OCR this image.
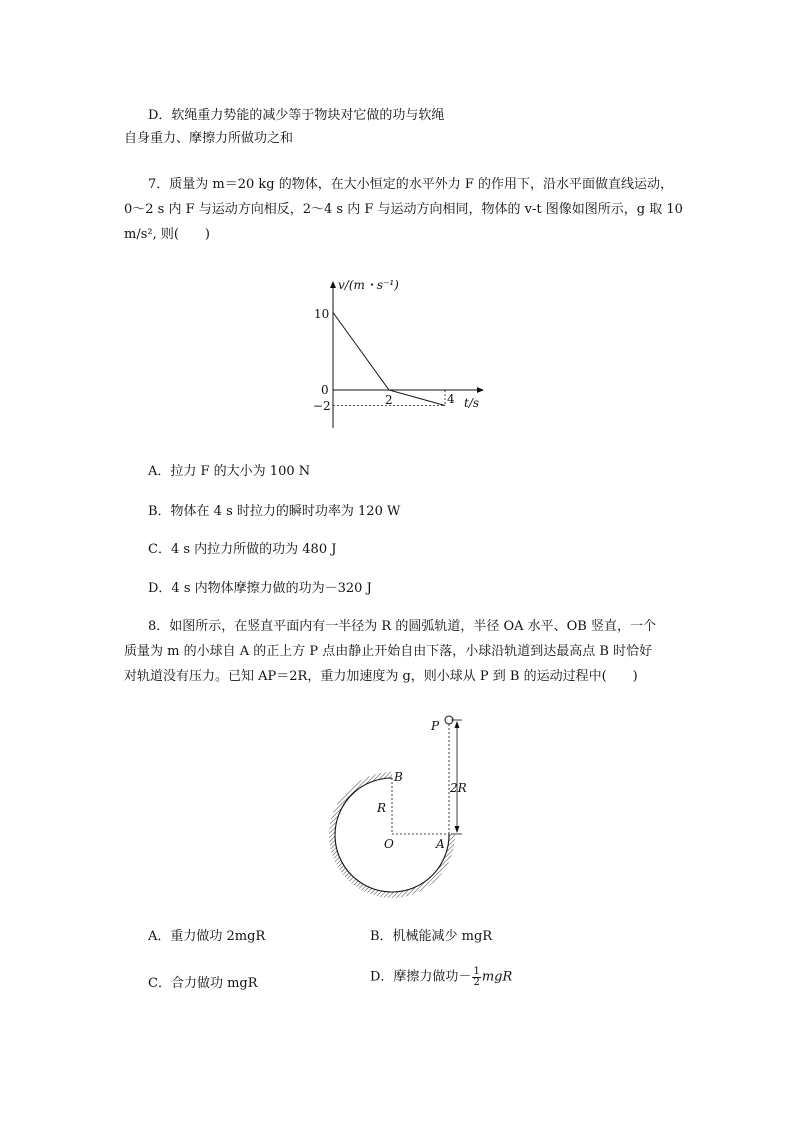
D．软绳重力势能的减少等于物块对它做的功与软绳
自身重力、摩擦力所做功之和
7．质量为 m＝20 kg 的物体，在大小恒定的水平外力 F 的作用下，沿水平面做直线运动，
0～2 s 内 F 与运动方向相反，2～4 s 内 F 与运动方向相同，物体的 v-t 图像如图所示，g 取 10
m/s², 则(　　)
v/(m・s⁻¹)
t/s
10
0
−2	2	4
A．拉力 F 的大小为 100 N
B．物体在 4 s 时拉力的瞬时功率为 120 W
C．4 s 内拉力所做的功为 480 J
D．4 s 内物体摩擦力做的功为－320 J
8．如图所示，在竖直平面内有一半径为 R 的圆弧轨道，半径 OA 水平、OB 竖直，一个
质量为 m 的小球自 A 的正上方 P 点由静止开始自由下落，小球沿轨道到达最高点 B 时恰好
对轨道没有压力。已知 AP＝2R，重力加速度为 g，则小球从 P 到 B 的运动过程中(　　)
P
B
R
O	A
2R
A．重力做功 2mgR	B．机械能减少 mgR
C．合力做功 mgR	D．摩擦力做功－ $\frac{1}{2}$ mgR
